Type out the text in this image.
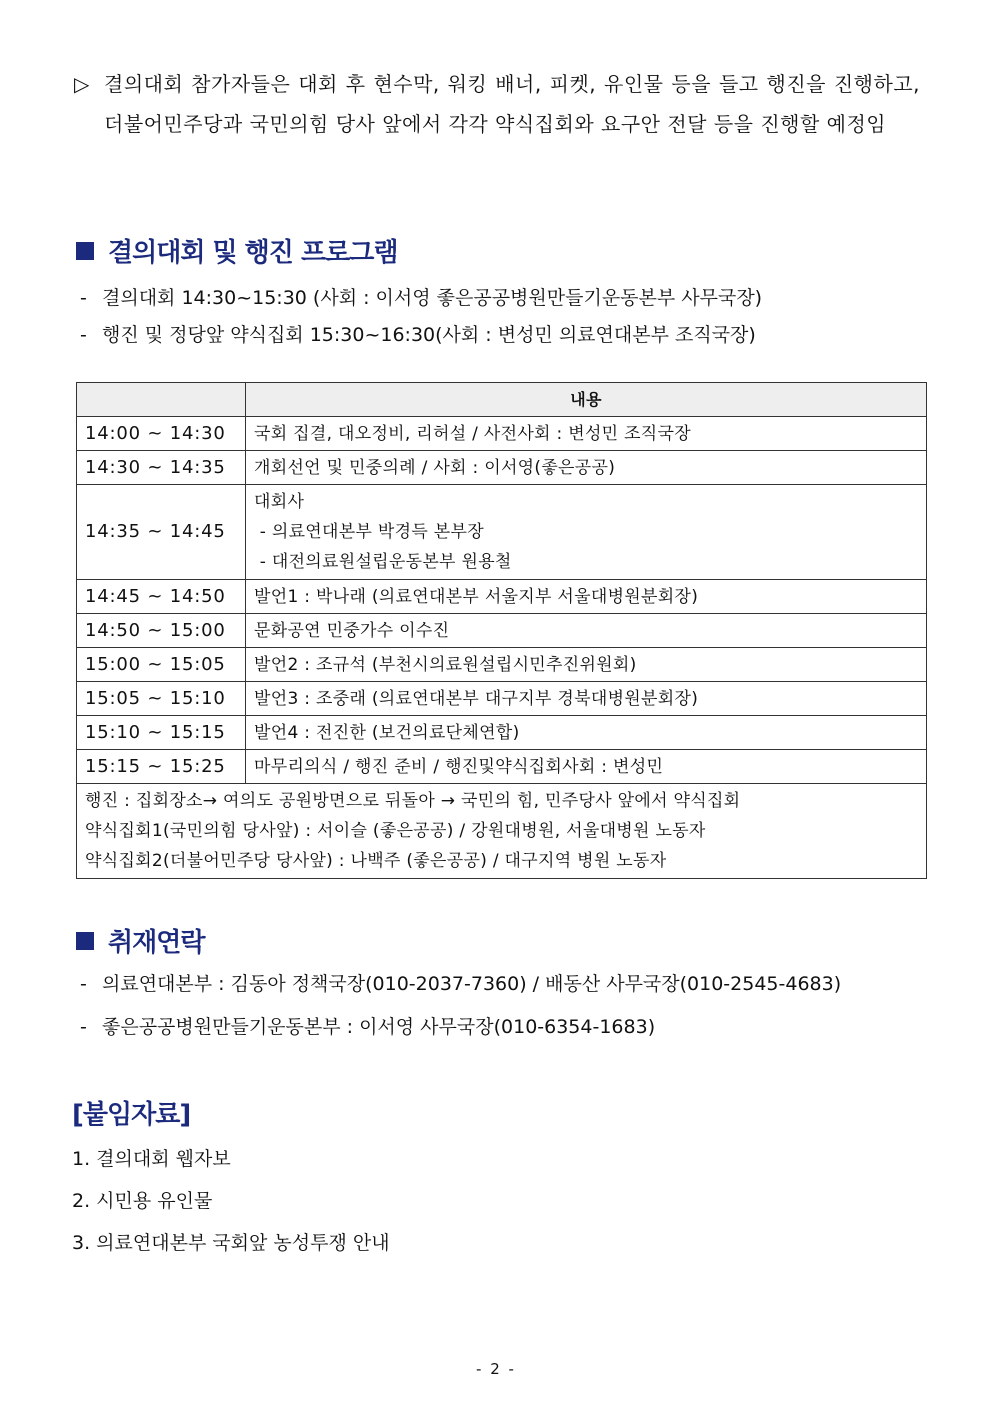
▷ 결의대회 참가자들은 대회 후 현수막, 워킹 배너, 피켓, 유인물 등을 들고 행진을 진행하고, 더불어민주당과 국민의힘 당사 앞에서 각각 약식집회와 요구안 전달 등을 진행할 예정임
결의대회 및 행진 프로그램
- 결의대회 14:30~15:30 (사회 : 이서영 좋은공공병원만들기운동본부 사무국장)
- 행진 및 정당앞 약식집회 15:30~16:30(사회 : 변성민 의료연대본부 조직국장)
	내용
14:00 ~ 14:30	국회 집결, 대오정비, 리허설 / 사전사회 : 변성민 조직국장
14:30 ~ 14:35	개회선언 및 민중의례 / 사회 : 이서영(좋은공공)
14:35 ~ 14:45	대회사
- 의료연대본부 박경득 본부장
- 대전의료원설립운동본부 원용철

14:45 ~ 14:50	발언1 : 박나래 (의료연대본부 서울지부 서울대병원분회장)
14:50 ~ 15:00	문화공연 민중가수 이수진
15:00 ~ 15:05	발언2 : 조규석 (부천시의료원설립시민추진위원회)
15:05 ~ 15:10	발언3 : 조중래 (의료연대본부 대구지부 경북대병원분회장)
15:10 ~ 15:15	발언4 : 전진한 (보건의료단체연합)
15:15 ~ 15:25	마무리의식 / 행진 준비 / 행진및약식집회사회 : 변성민

행진 : 집회장소→ 여의도 공원방면으로 뒤돌아 → 국민의 힘, 민주당사 앞에서 약식집회
약식집회1(국민의힘 당사앞) : 서이슬 (좋은공공) / 강원대병원, 서울대병원 노동자
약식집회2(더불어민주당 당사앞) : 나백주 (좋은공공) / 대구지역 병원 노동자	
취재연락
- 의료연대본부 : 김동아 정책국장(010-2037-7360) / 배동산 사무국장(010-2545-4683)
- 좋은공공병원만들기운동본부 : 이서영 사무국장(010-6354-1683)
[붙임자료]
1. 결의대회 웹자보
2. 시민용 유인물
3. 의료연대본부 국회앞 농성투쟁 안내
- 2 -
